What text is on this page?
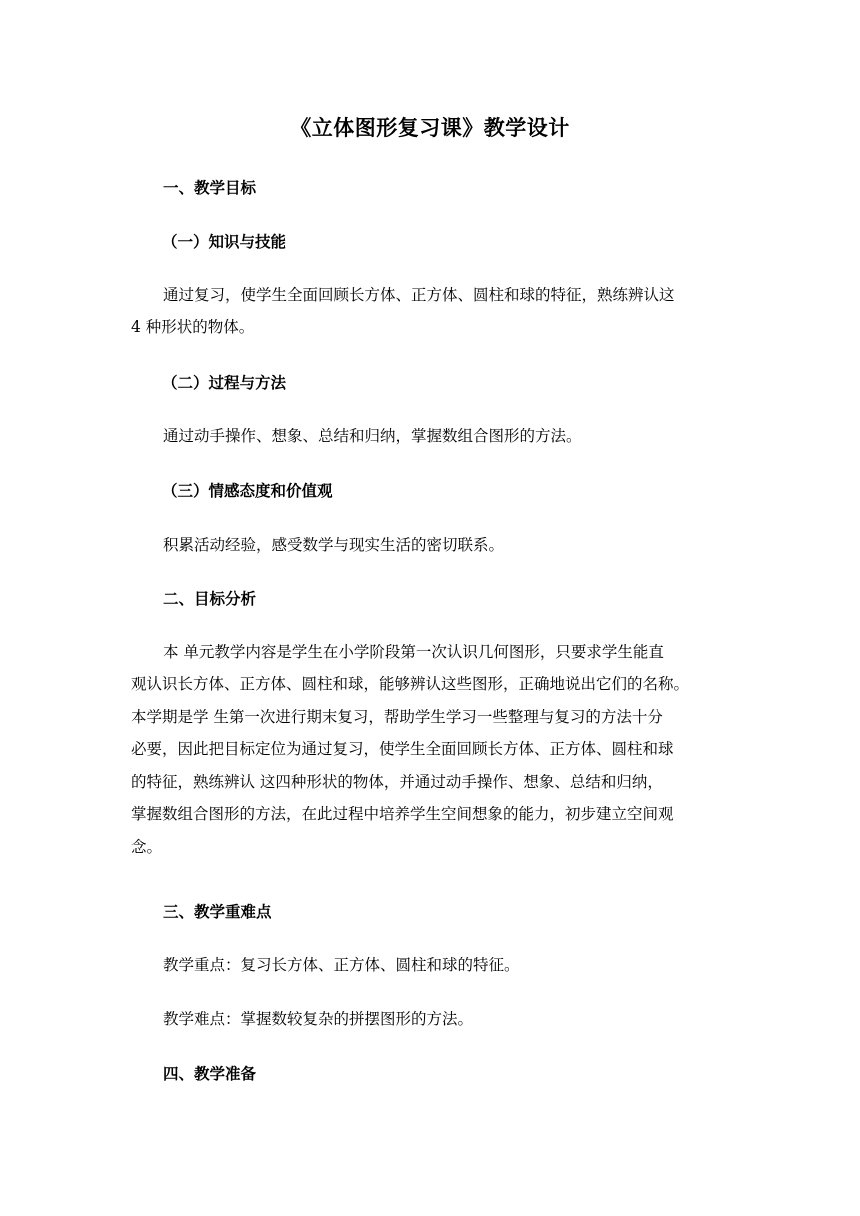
《立体图形复习课》教学设计
一、教学目标
（一）知识与技能
通过复习，使学生全面回顾长方体、正方体、圆柱和球的特征，熟练辨认这
4 种形状的物体。
（二）过程与方法
通过动手操作、想象、总结和归纳，掌握数组合图形的方法。
（三）情感态度和价值观
积累活动经验，感受数学与现实生活的密切联系。
二、目标分析
本 单元教学内容是学生在小学阶段第一次认识几何图形，只要求学生能直
观认识长方体、正方体、圆柱和球，能够辨认这些图形，正确地说出它们的名称。
本学期是学 生第一次进行期末复习，帮助学生学习一些整理与复习的方法十分
必要，因此把目标定位为通过复习，使学生全面回顾长方体、正方体、圆柱和球
的特征，熟练辨认 这四种形状的物体，并通过动手操作、想象、总结和归纳，
掌握数组合图形的方法，在此过程中培养学生空间想象的能力，初步建立空间观
念。
三、教学重难点
教学重点：复习长方体、正方体、圆柱和球的特征。
教学难点：掌握数较复杂的拼摆图形的方法。
四、教学准备
